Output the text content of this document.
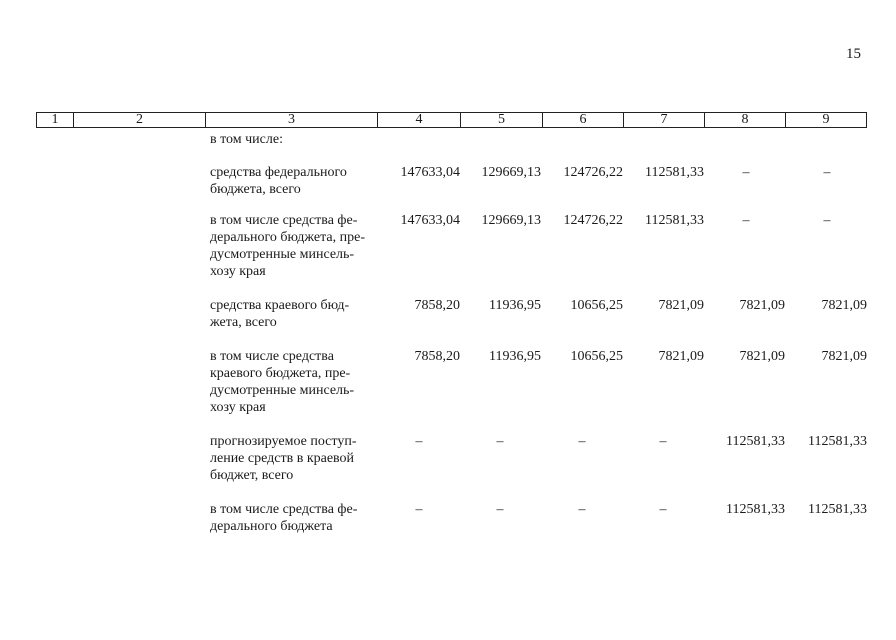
15
1	2	3	4	5	6	7	8	9
в том числе:
средства федерального
бюджета, всего
147633,04 129669,13 124726,22 112581,33	–	–
в том числе средства фе-
дерального бюджета, пре-
дусмотренные минсель-
хозу края
147633,04 129669,13 124726,22 112581,33	–	–
средства краевого бюд-
жета, всего
7858,20 11936,95 10656,25	7821,09	7821,09	7821,09
в том числе средства
краевого бюджета, пре-
дусмотренные минсель-
хозу края
7858,20 11936,95 10656,25	7821,09	7821,09	7821,09
прогнозируемое поступ-
ление средств в краевой
бюджет, всего
–	–	–	–	112581,33 112581,33
в том числе средства фе-
дерального бюджета
–	–	–	–	112581,33 112581,33
